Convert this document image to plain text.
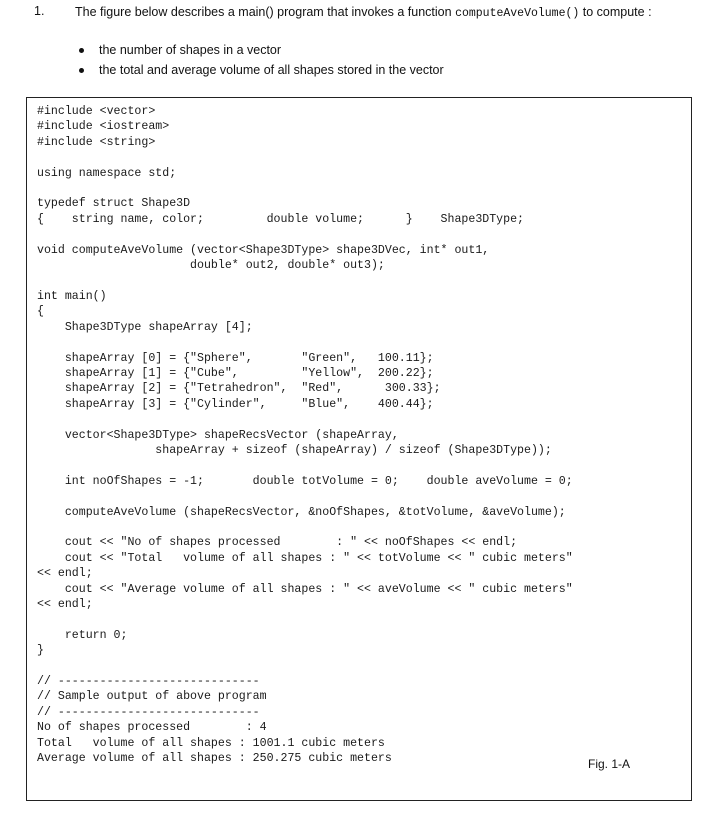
1. The figure below describes a main() program that invokes a function computeAveVolume() to compute :
the number of shapes in a vector
the total and average volume of all shapes stored in the vector
#include <vector>
#include <iostream>
#include <string>

using namespace std;

typedef struct Shape3D
{    string name, color;         double volume;      }    Shape3DType;

void computeAveVolume (vector<Shape3DType> shape3DVec, int* out1,
double* out2, double* out3);

int main()
{
Shape3DType shapeArray [4];

shapeArray [0] = {"Sphere",       "Green",   100.11};
shapeArray [1] = {"Cube",         "Yellow",  200.22};
shapeArray [2] = {"Tetrahedron",  "Red",      300.33};
shapeArray [3] = {"Cylinder",     "Blue",    400.44};

vector<Shape3DType> shapeRecsVector (shapeArray,
shapeArray + sizeof (shapeArray) / sizeof (Shape3DType));

int noOfShapes = -1;       double totVolume = 0;    double aveVolume = 0;

computeAveVolume (shapeRecsVector, &noOfShapes, &totVolume, &aveVolume);

cout << "No of shapes processed        : " << noOfShapes << endl;
cout << "Total   volume of all shapes : " << totVolume << " cubic meters"
<< endl;
cout << "Average volume of all shapes : " << aveVolume << " cubic meters"
<< endl;

return 0;
}

// -----------------------------
// Sample output of above program
// -----------------------------
No of shapes processed        : 4
Total   volume of all shapes : 1001.1 cubic meters
Average volume of all shapes : 250.275 cubic meters	Fig. 1-A
